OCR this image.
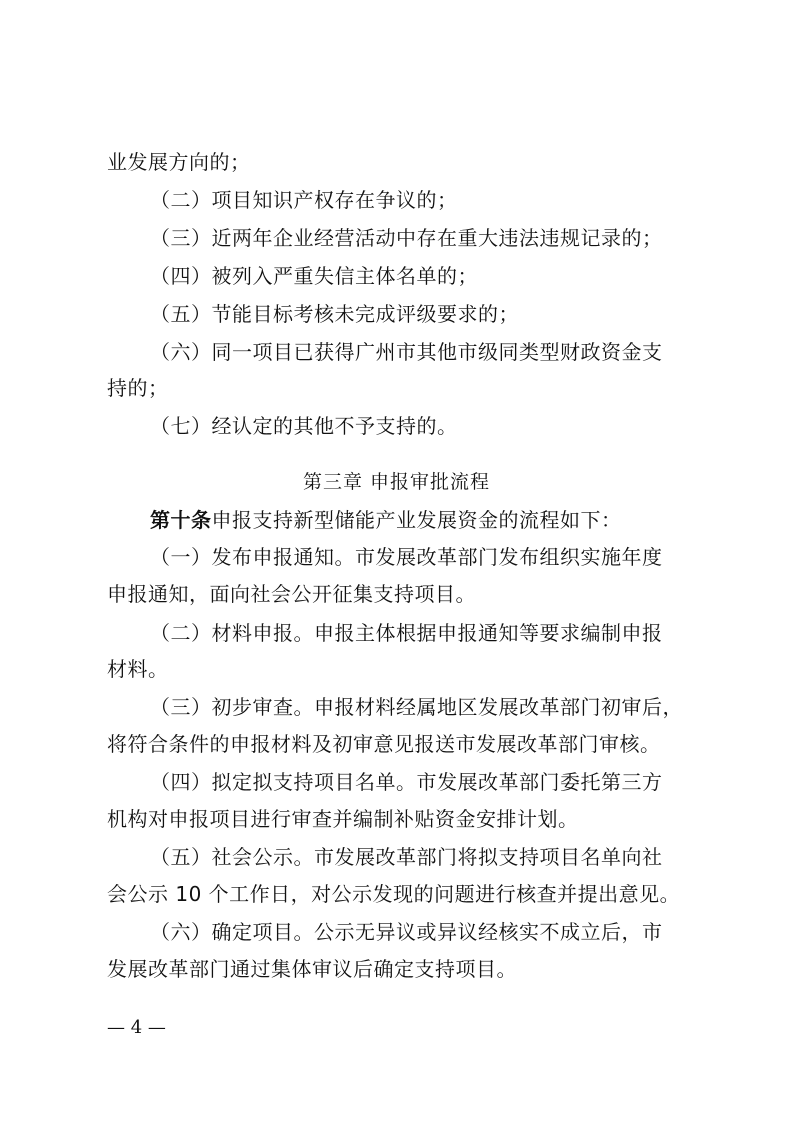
业发展方向的；
（二）项目知识产权存在争议的；
（三）近两年企业经营活动中存在重大违法违规记录的；
（四）被列入严重失信主体名单的；
（五）节能目标考核未完成评级要求的；
（六）同一项目已获得广州市其他市级同类型财政资金支
持的；
（七）经认定的其他不予支持的。
第三章 申报审批流程
第十条申报支持新型储能产业发展资金的流程如下：
（一）发布申报通知。市发展改革部门发布组织实施年度
申报通知，面向社会公开征集支持项目。
（二）材料申报。申报主体根据申报通知等要求编制申报
材料。
（三）初步审查。申报材料经属地区发展改革部门初审后，
将符合条件的申报材料及初审意见报送市发展改革部门审核。
（四）拟定拟支持项目名单。市发展改革部门委托第三方
机构对申报项目进行审查并编制补贴资金安排计划。
（五）社会公示。市发展改革部门将拟支持项目名单向社
会公示 10 个工作日，对公示发现的问题进行核查并提出意见。
（六）确定项目。公示无异议或异议经核实不成立后，市
发展改革部门通过集体审议后确定支持项目。
— 4 —
